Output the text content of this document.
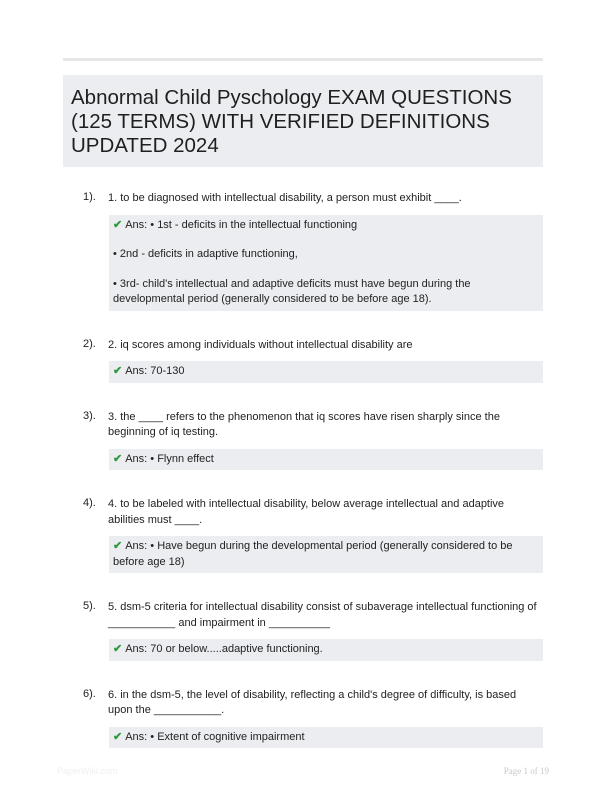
Abnormal Child Pyschology EXAM QUESTIONS (125 TERMS) WITH VERIFIED DEFINITIONS UPDATED 2024
1). 1. to be diagnosed with intellectual disability, a person must exhibit ____.

✔ Ans: • 1st - deficits in the intellectual functioning

• 2nd - deficits in adaptive functioning,

• 3rd- child's intellectual and adaptive deficits must have begun during the developmental period (generally considered to be before age 18).

2). 2. iq scores among individuals without intellectual disability are

✔ Ans: 70-130

3). 3. the ____ refers to the phenomenon that iq scores have risen sharply since the beginning of iq testing.

✔ Ans: • Flynn effect

4). 4. to be labeled with intellectual disability, below average intellectual and adaptive abilities must ____.

✔ Ans: • Have begun during the developmental period (generally considered to be before age 18)

5). 5. dsm-5 criteria for intellectual disability consist of subaverage intellectual functioning of ___________ and impairment in __________

✔ Ans: 70 or below.....adaptive functioning.

6). 6. in the dsm-5, the level of disability, reflecting a child's degree of difficulty, is based upon the ___________.

✔ Ans: • Extent of cognitive impairment

PaperWiki.com	Page 1 of 19
